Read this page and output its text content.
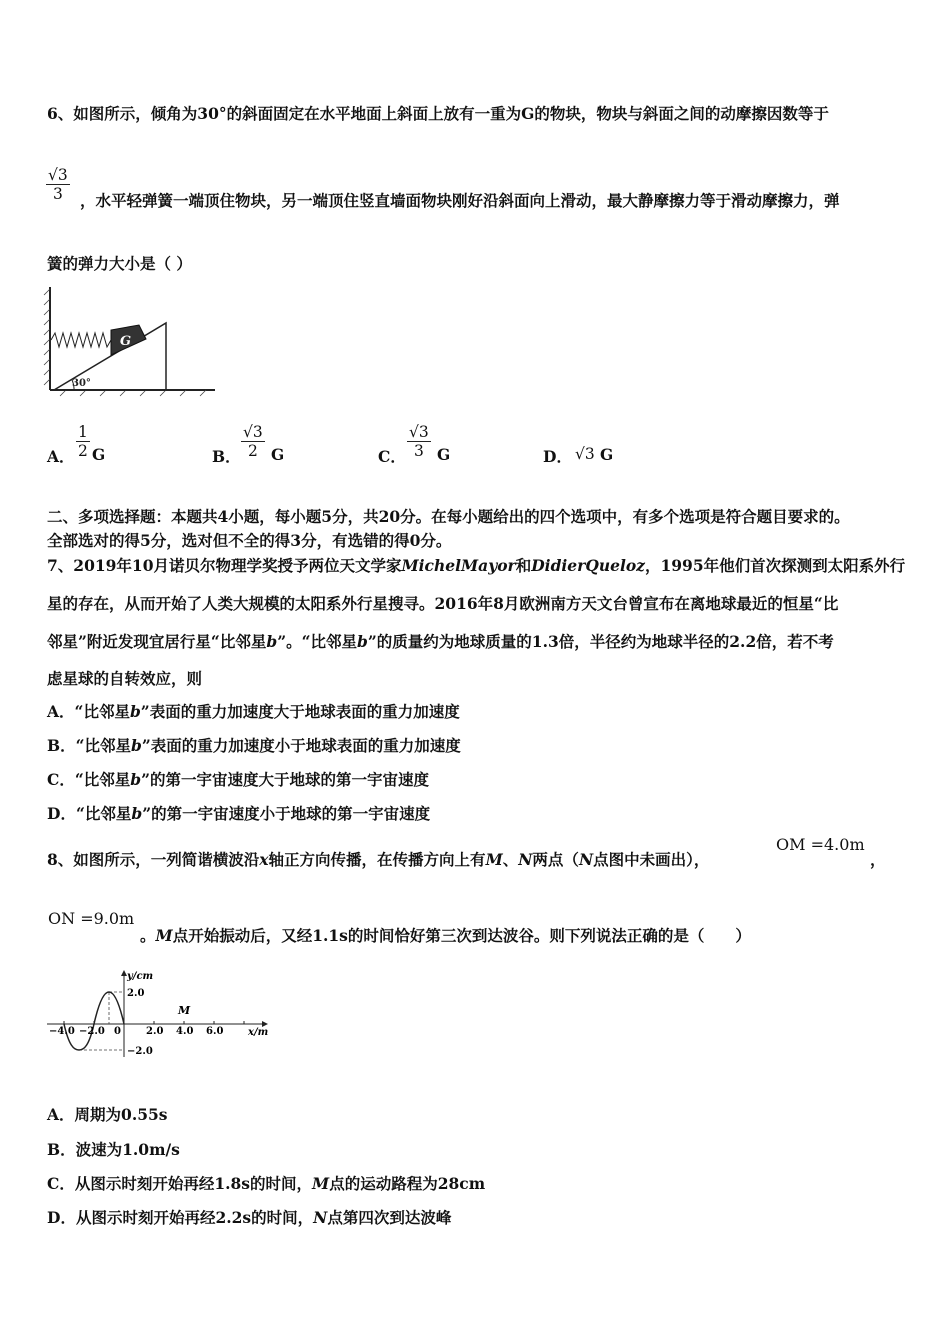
6、如图所示，倾角为30°的斜面固定在水平地面上斜面上放有一重为G的物块，物块与斜面之间的动摩擦因数等于
$\frac{√3}{3}$ ，水平轻弹簧一端顶住物块，另一端顶住竖直墙面物块刚好沿斜面向上滑动，最大静摩擦力等于滑动摩擦力，弹
簧的弹力大小是（ ）
G
30°
A． $\frac{1}{2}$ G	B． $\frac{√3}{2}$ G	C． $\frac{√3}{3}$ G	D． √3 G
二、多项选择题：本题共4小题，每小题5分，共20分。在每小题给出的四个选项中，有多个选项是符合题目要求的。
全部选对的得5分，选对但不全的得3分，有选错的得0分。
7、2019年10月诺贝尔物理学奖授予两位天文学家MichelMayor和DidierQueloz，1995年他们首次探测到太阳系外行
星的存在，从而开始了人类大规模的太阳系外行星搜寻。2016年8月欧洲南方天文台曾宣布在离地球最近的恒星“比
邻星”附近发现宜居行星“比邻星b”。“比邻星b”的质量约为地球质量的1.3倍，半径约为地球半径的2.2倍，若不考
虑星球的自转效应，则
A．“比邻星b”表面的重力加速度大于地球表面的重力加速度
B．“比邻星b”表面的重力加速度小于地球表面的重力加速度
C．“比邻星b”的第一宇宙速度大于地球的第一宇宙速度
D．“比邻星b”的第一宇宙速度小于地球的第一宇宙速度
8、如图所示，一列简谐横波沿x轴正方向传播，在传播方向上有M、N两点（N点图中未画出），
OM =4.0m
，
ON =9.0m
。M点开始振动后，又经1.1s的时间恰好第三次到达波谷。则下列说法正确的是（　　）
y/cm
2.0
−2.0
M
0
−4.0 −2.0	2.0 4.0 6.0 x/m
A．周期为0.55s
B．波速为1.0m/s
C．从图示时刻开始再经1.8s的时间，M点的运动路程为28cm
D．从图示时刻开始再经2.2s的时间，N点第四次到达波峰
